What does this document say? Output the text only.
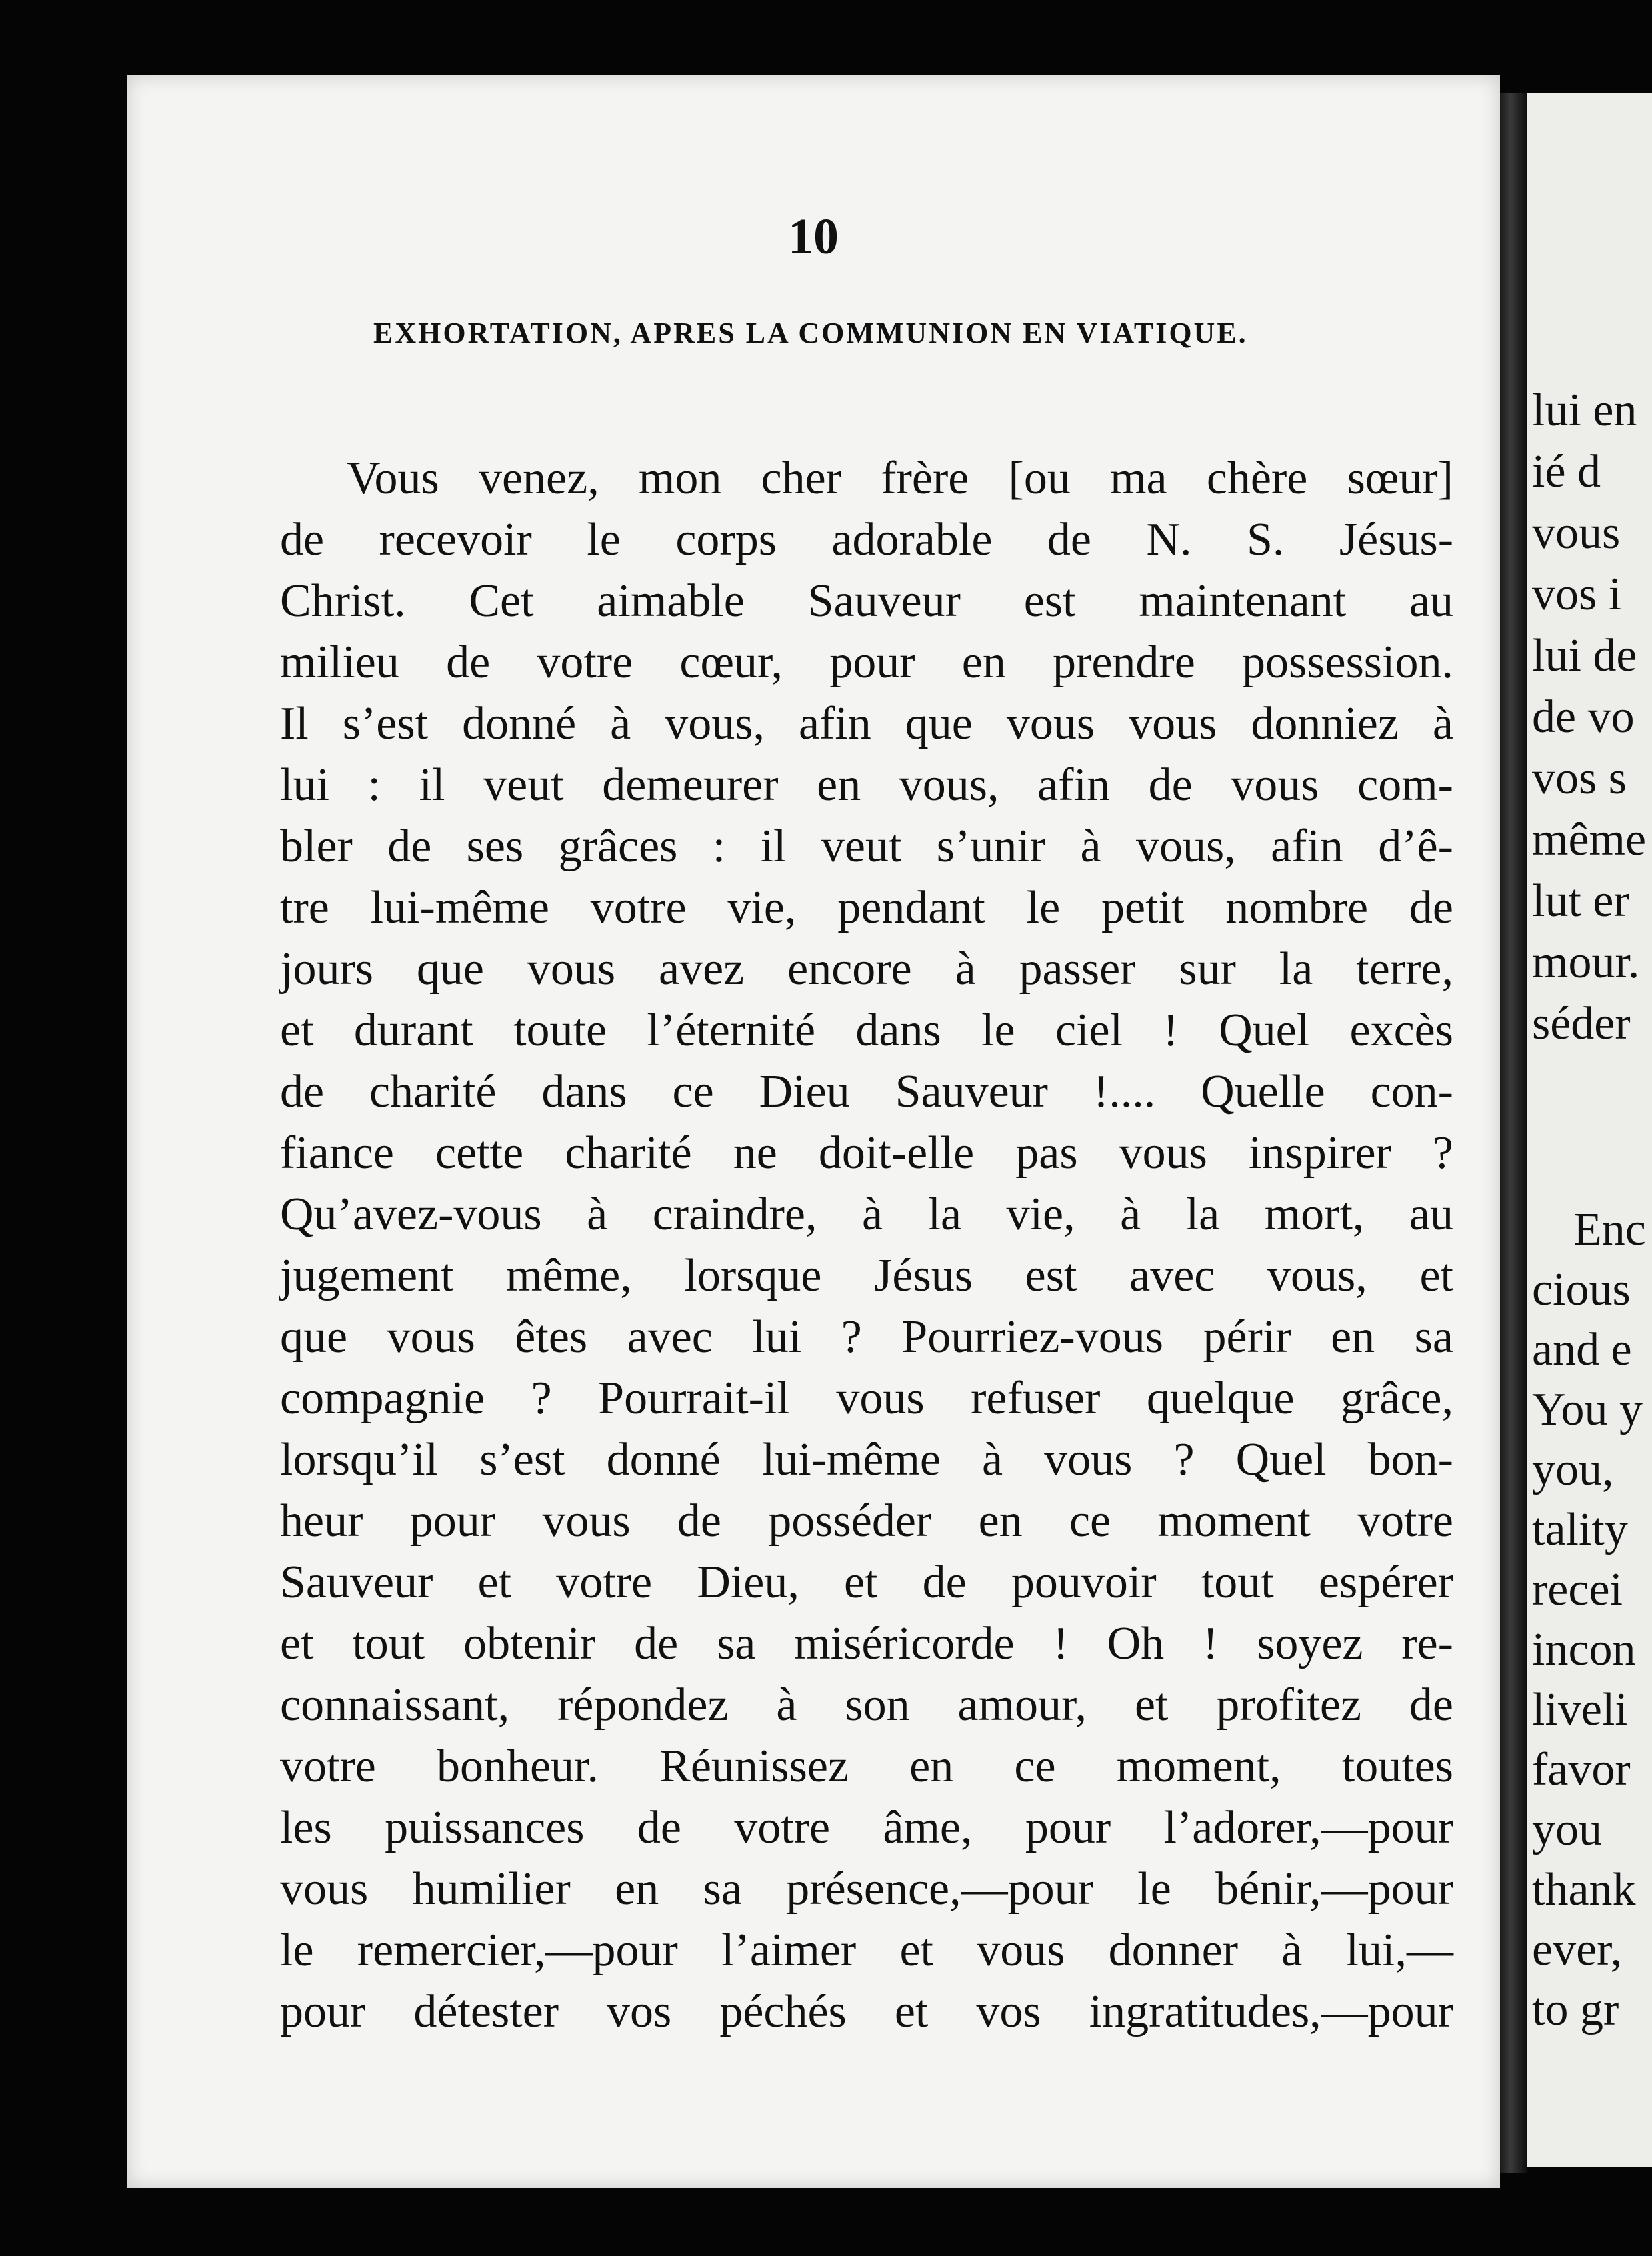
10
EXHORTATION, APRES LA COMMUNION EN VIATIQUE.
Vous venez, mon cher frère [ou ma chère sœur]
de recevoir le corps adorable de N. S. Jésus-
Christ. Cet aimable Sauveur est maintenant au
milieu de votre cœur, pour en prendre possession.
Il s’est donné à vous, afin que vous vous donniez à
lui : il veut demeurer en vous, afin de vous com-
bler de ses grâces : il veut s’unir à vous, afin d’ê-
tre lui-même votre vie, pendant le petit nombre de
jours que vous avez encore à passer sur la terre,
et durant toute l’éternité dans le ciel ! Quel excès
de charité dans ce Dieu Sauveur !.... Quelle con-
fiance cette charité ne doit-elle pas vous inspirer ?
Qu’avez-vous à craindre, à la vie, à la mort, au
jugement même, lorsque Jésus est avec vous, et
que vous êtes avec lui ? Pourriez-vous périr en sa
compagnie ? Pourrait-il vous refuser quelque grâce,
lorsqu’il s’est donné lui-même à vous ? Quel bon-
heur pour vous de posséder en ce moment votre
Sauveur et votre Dieu, et de pouvoir tout espérer
et tout obtenir de sa miséricorde ! Oh ! soyez re-
connaissant, répondez à son amour, et profitez de
votre bonheur. Réunissez en ce moment, toutes
les puissances de votre âme, pour l’adorer,—pour
vous humilier en sa présence,—pour le bénir,—pour
le remercier,—pour l’aimer et vous donner à lui,—
pour détester vos péchés et vos ingratitudes,—pour
lui en
ié d
vous
vos i
lui de
de vo
vos s
même
lut er
mour.
séder
Enc
cious
and e
You y
you,
tality
recei
incon
liveli
favor
you
thank
ever,
to gr
